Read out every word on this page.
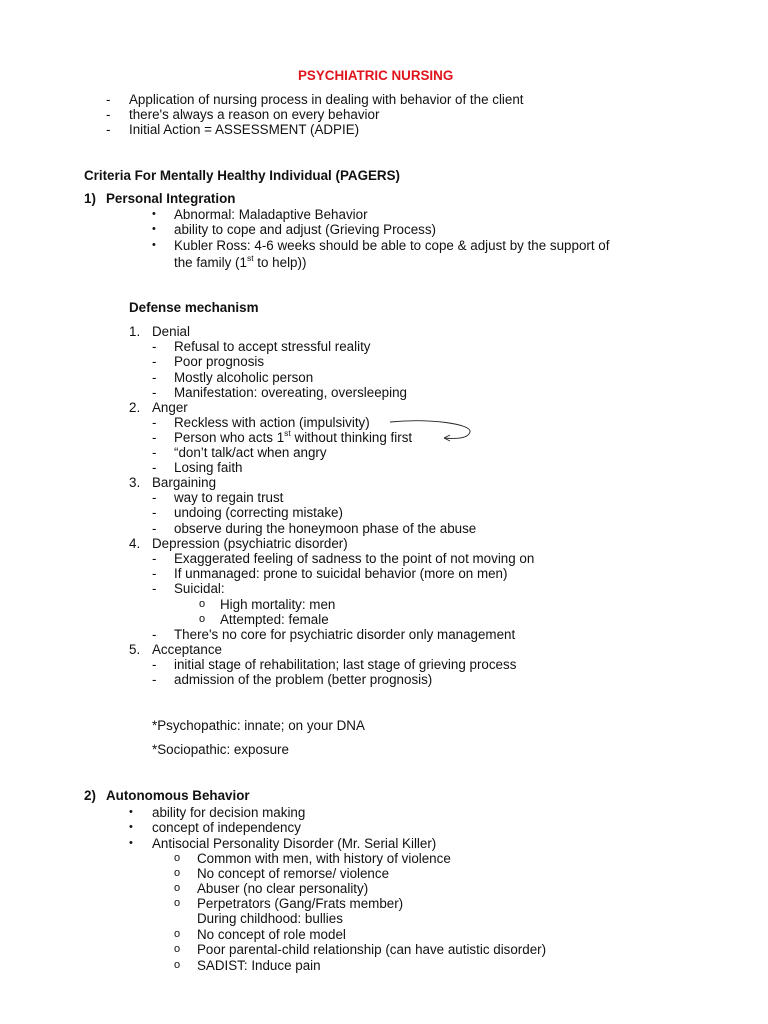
PSYCHIATRIC NURSING
- Application of nursing process in dealing with behavior of the client
- there's always a reason on every behavior
- Initial Action = ASSESSMENT (ADPIE)
Criteria For Mentally Healthy Individual (PAGERS)
1) Personal Integration
• Abnormal: Maladaptive Behavior
• ability to cope and adjust (Grieving Process)
• Kubler Ross: 4-6 weeks should be able to cope & adjust by the support of
the family (1st to help))
Defense mechanism
1. Denial
- Refusal to accept stressful reality
- Poor prognosis
- Mostly alcoholic person
- Manifestation: overeating, oversleeping
2. Anger
- Reckless with action (impulsivity)
- Person who acts 1st without thinking first
- “don’t talk/act when angry
- Losing faith
3. Bargaining
- way to regain trust
- undoing (correcting mistake)
- observe during the honeymoon phase of the abuse
4. Depression (psychiatric disorder)
- Exaggerated feeling of sadness to the point of not moving on
- If unmanaged: prone to suicidal behavior (more on men)
- Suicidal:
o High mortality: men
o Attempted: female
- There's no core for psychiatric disorder only management
5. Acceptance
- initial stage of rehabilitation; last stage of grieving process
- admission of the problem (better prognosis)
*Psychopathic: innate; on your DNA
*Sociopathic: exposure
2) Autonomous Behavior
• ability for decision making
• concept of independency
• Antisocial Personality Disorder (Mr. Serial Killer)
o Common with men, with history of violence
o No concept of remorse/ violence
o Abuser (no clear personality)
o Perpetrators (Gang/Frats member)
During childhood: bullies
o No concept of role model
o Poor parental-child relationship (can have autistic disorder)
o SADIST: Induce pain
